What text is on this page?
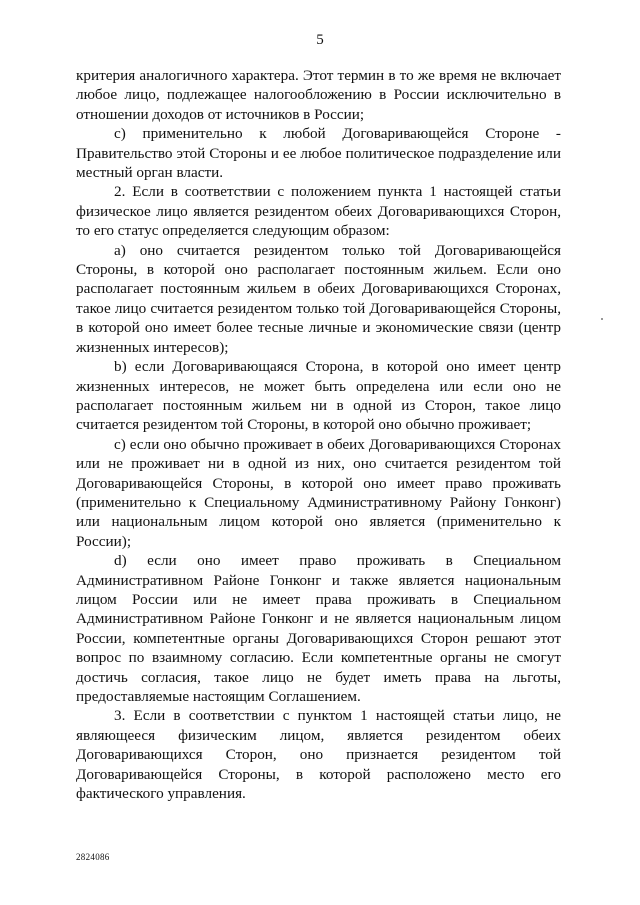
5

критерия аналогичного характера. Этот термин в то же время не включает любое лицо, подлежащее налогообложению в России исключительно в отношении доходов от источников в России;

c) применительно к любой Договаривающейся Стороне - Правительство этой Стороны и ее любое политическое подразделение или местный орган власти.

2. Если в соответствии с положением пункта 1 настоящей статьи физическое лицо является резидентом обеих Договаривающихся Сторон, то его статус определяется следующим образом:

a) оно считается резидентом только той Договаривающейся Стороны, в которой оно располагает постоянным жильем. Если оно располагает постоянным жильем в обеих Договаривающихся Сторонах, такое лицо считается резидентом только той Договаривающейся Стороны, в которой оно имеет более тесные личные и экономические связи (центр жизненных интересов);

b) если Договаривающаяся Сторона, в которой оно имеет центр жизненных интересов, не может быть определена или если оно не располагает постоянным жильем ни в одной из Сторон, такое лицо считается резидентом той Стороны, в которой оно обычно проживает;

c) если оно обычно проживает в обеих Договаривающихся Сторонах или не проживает ни в одной из них, оно считается резидентом той Договаривающейся Стороны, в которой оно имеет право проживать (применительно к Специальному Административному Району Гонконг) или национальным лицом которой оно является (применительно к России);

d) если оно имеет право проживать в Специальном Административном Районе Гонконг и также является национальным лицом России или не имеет права проживать в Специальном Административном Районе Гонконг и не является национальным лицом России, компетентные органы Договаривающихся Сторон решают этот вопрос по взаимному согласию. Если компетентные органы не смогут достичь согласия, такое лицо не будет иметь права на льготы, предоставляемые настоящим Соглашением.

3. Если в соответствии с пунктом 1 настоящей статьи лицо, не являющееся физическим лицом, является резидентом обеих Договаривающихся Сторон, оно признается резидентом той Договаривающейся Стороны, в которой расположено место его фактического управления.

2824086
